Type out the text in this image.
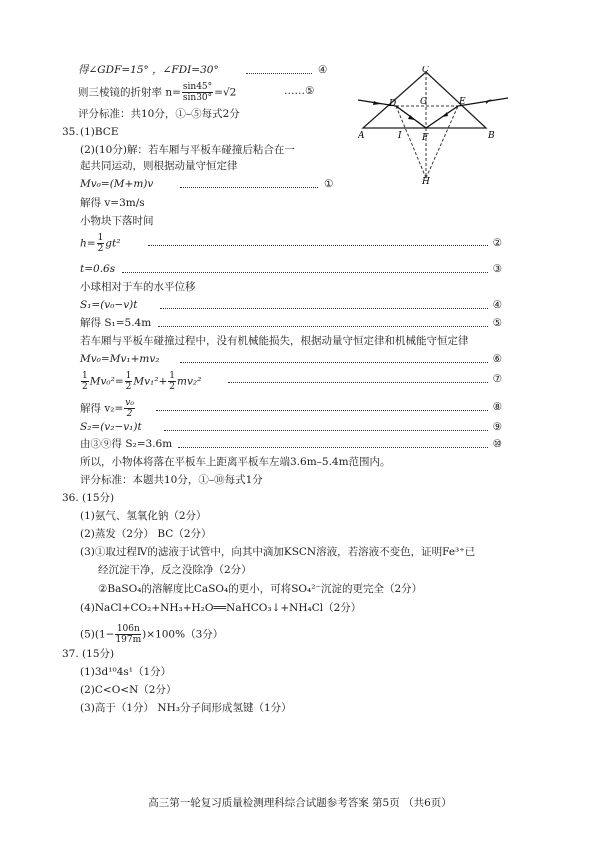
得∠GDF=15° ，∠FDI=30°	④
则三棱镜的折射率 $n= \frac{\sin 45^\circ}{\sin 30^\circ} =√2$	……⑤
评分标准：共10分，①–⑤每式2分
C
A	B
D	E
G
F
I
H
35. (1)BCE
(2)(10分)解：若车厢与平板车碰撞后粘合在一
起共同运动，则根据动量守恒定律
Mv₀=(M+m)v	①
解得 v=3m/s
小物块下落时间
$h= \frac{1}{2} gt^2$	②
t=0.6s	③
小球相对于车的水平位移
S₁=(v₀−v)t	④
解得 S₁=5.4m	⑤
若车厢与平板车碰撞过程中，没有机械能损失，根据动量守恒定律和机械能守恒定律
Mv₀=Mv₁+mv₂	⑥
$\frac{1}{2} Mv_0^2= \frac{1}{2} Mv_1^2+ \frac{1}{2} mv_2^2$	⑦
解得 $v_2= \frac{\text{v₀}}{2}$	⑧
S₂=(v₂−v₁)t	⑨
由③⑨得 S₂=3.6m	⑩
所以，小物体将落在平板车上距离平板车左端3.6m–5.4m范围内。
评分标准：本题共10分，①–⑩每式1分
36. (15分)
(1)氨气、氢氧化钠（2分）
(2)蒸发（2分） BC（2分）
(3)①取过程Ⅳ的滤液于试管中，向其中滴加KSCN溶液，若溶液不变色，证明Fe³⁺已
经沉淀干净，反之没除净（2分）
②BaSO₄的溶解度比CaSO₄的更小，可将SO₄²⁻沉淀的更完全（2分）
(4)NaCl+CO₂+NH₃+H₂O══NaHCO₃↓+NH₄Cl（2分）
$(5)(1- \frac{106n}{197m} )\times 100\%(3$分）
37. (15分)
(1)3d¹⁰4s¹（1分）
(2)C<O<N（2分）
(3)高于（1分） NH₃分子间形成氢键（1分）
高三第一轮复习质量检测理科综合试题参考答案 第5页 （共6页）
